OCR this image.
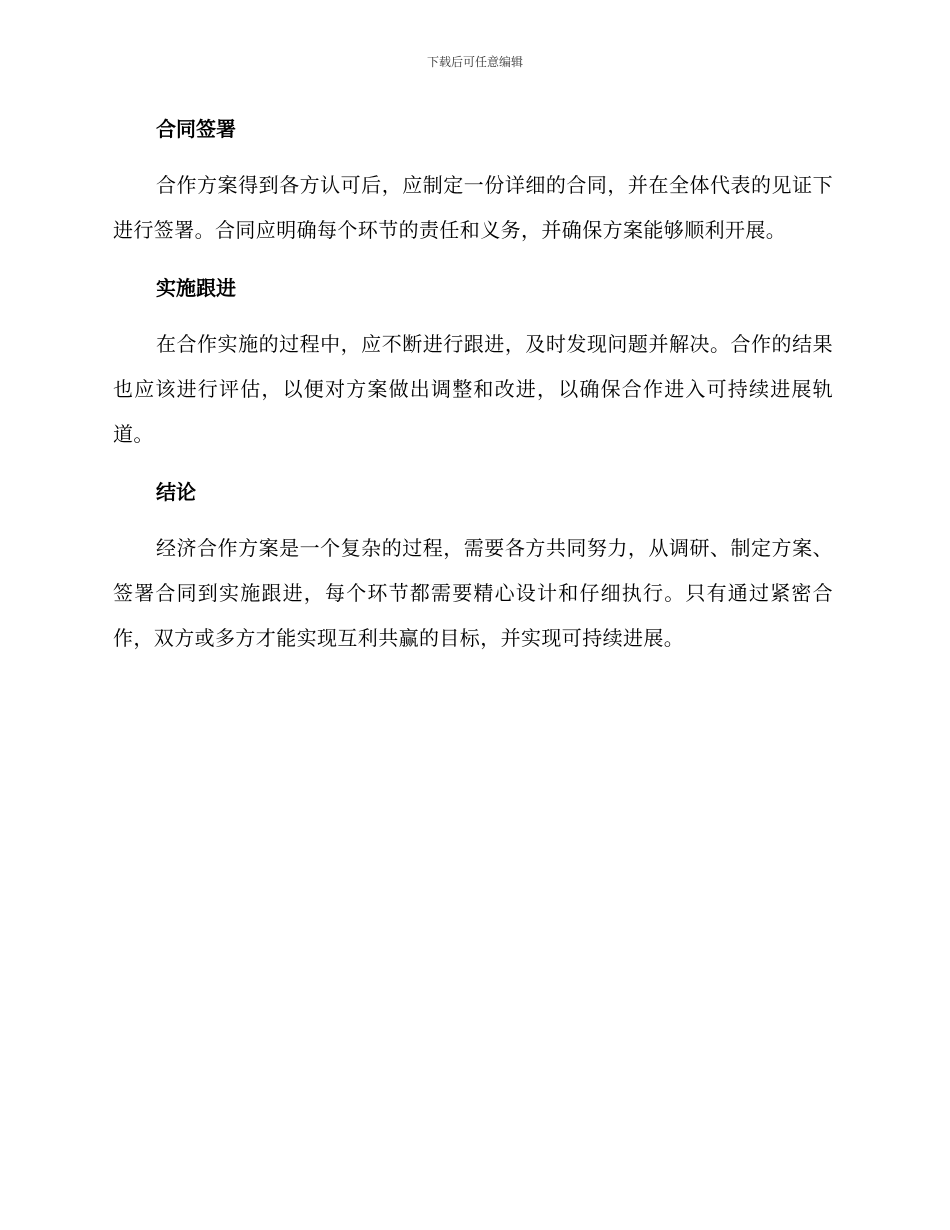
下载后可任意编辑
合同签署

合作方案得到各方认可后，应制定一份详细的合同，并在全体代表的见证下进行签署。合同应明确每个环节的责任和义务，并确保方案能够顺利开展。

实施跟进

在合作实施的过程中，应不断进行跟进，及时发现问题并解决。合作的结果也应该进行评估，以便对方案做出调整和改进，以确保合作进入可持续进展轨道。

结论

经济合作方案是一个复杂的过程，需要各方共同努力，从调研、制定方案、签署合同到实施跟进，每个环节都需要精心设计和仔细执行。只有通过紧密合作，双方或多方才能实现互利共赢的目标，并实现可持续进展。
